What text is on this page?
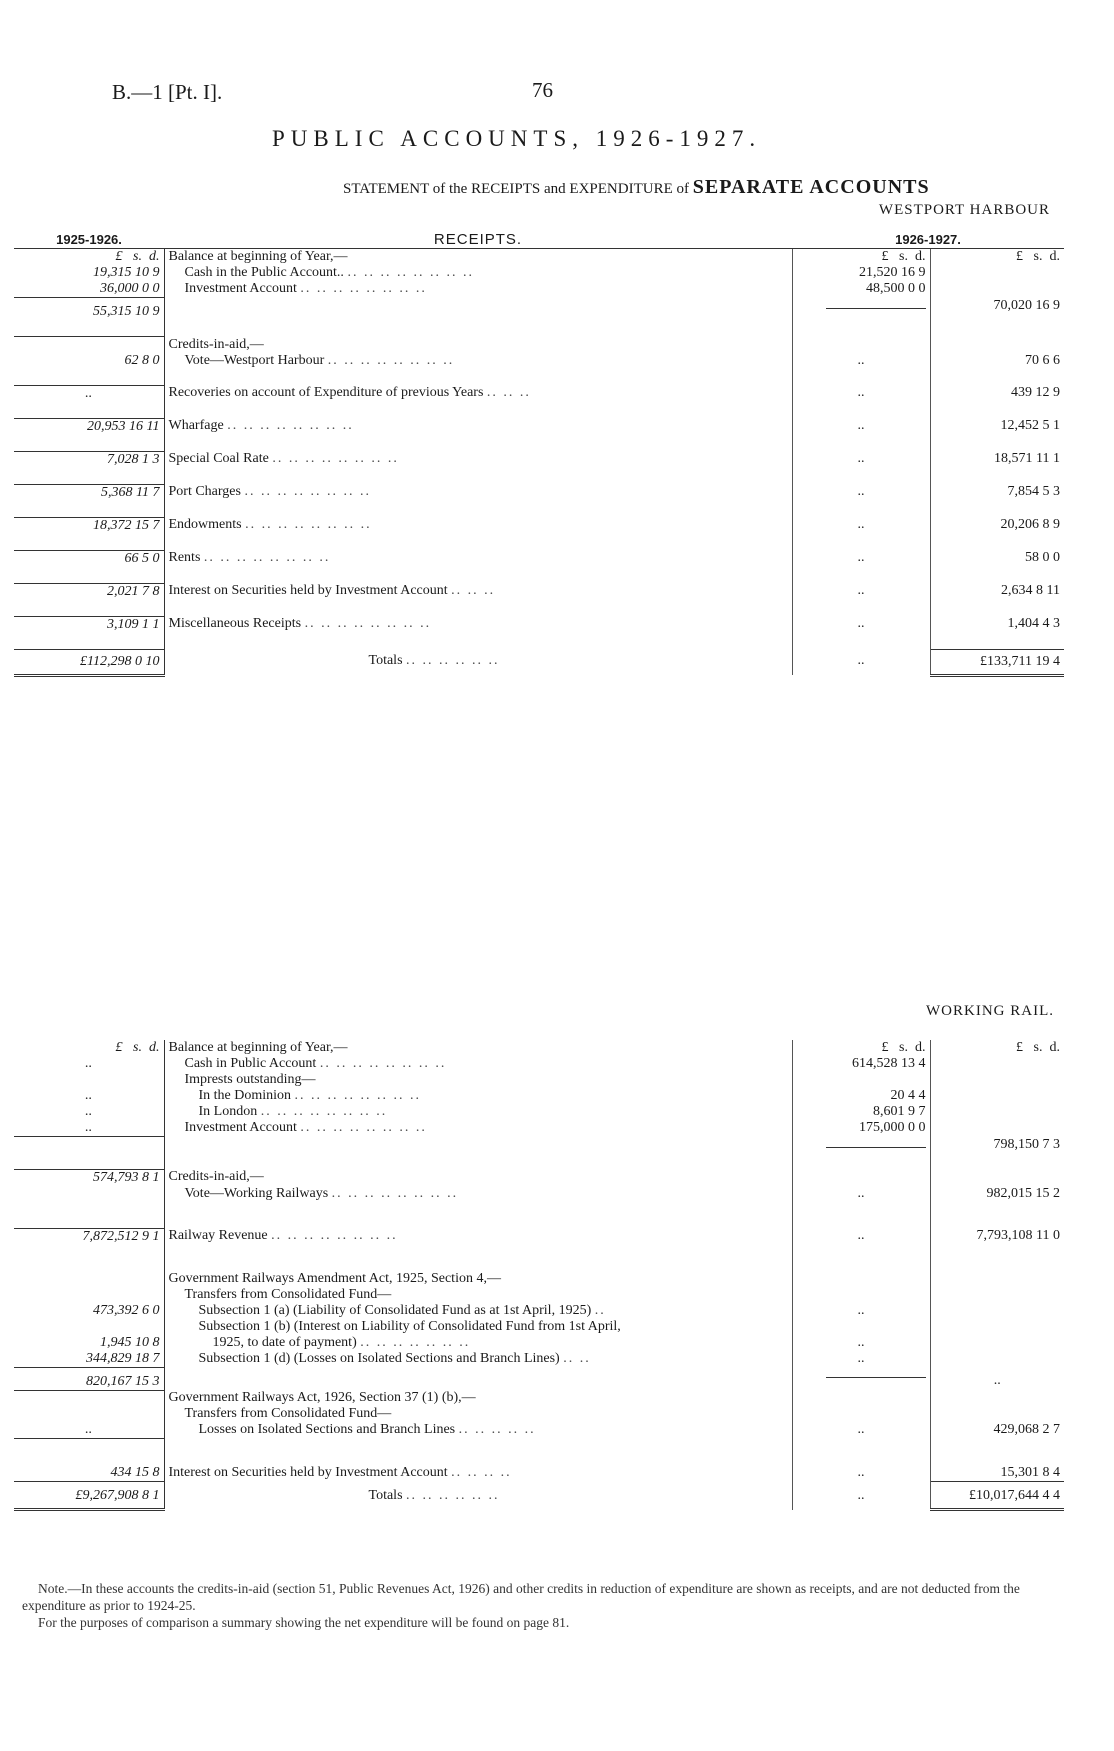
B.—1 [Pt. I].	76
PUBLIC ACCOUNTS, 1926-1927.
STATEMENT of the RECEIPTS and EXPENDITURE of SEPARATE ACCOUNTS
WESTPORT HARBOUR
1925-1926.	RECEIPTS.	1926-1927.	
£ s. d.	Balance at beginning of Year,—	£ s. d.	£ s. d.
19,315 10 9	Cash in the Public Account.. .. .. .. .. .. .. .. ..	21,520 16 9	
36,000 0 0	Investment Account .. .. .. .. .. .. .. ..	48,500 0 0	
55,315 10 9			70,020 16 9

	Credits-in-aid,—		
62 8 0	Vote—Westport Harbour .. .. .. .. .. .. .. ..	..	70 6 6

..	Recoveries on account of Expenditure of previous Years .. .. ..	..	439 12 9

20,953 16 11	Wharfage .. .. .. .. .. .. .. ..	..	12,452 5 1

7,028 1 3	Special Coal Rate .. .. .. .. .. .. .. ..	..	18,571 11 1

5,368 11 7	Port Charges .. .. .. .. .. .. .. ..	..	7,854 5 3

18,372 15 7	Endowments .. .. .. .. .. .. .. ..	..	20,206 8 9

66 5 0	Rents .. .. .. .. .. .. .. ..	..	58 0 0

2,021 7 8	Interest on Securities held by Investment Account .. .. ..	..	2,634 8 11

3,109 1 1	Miscellaneous Receipts .. .. .. .. .. .. .. ..	..	1,404 4 3

£112,298 0 10	Totals .. .. .. .. .. ..	..	£133,711 19 4
WORKING RAIL.
£ s. d.	Balance at beginning of Year,—	£ s. d.	£ s. d.
..	Cash in Public Account .. .. .. .. .. .. .. ..	614,528 13 4	
	Imprests outstanding—		
..	In the Dominion .. .. .. .. .. .. .. ..	20 4 4	
..	In London .. .. .. .. .. .. .. ..	8,601 9 7	
..	Investment Account .. .. .. .. .. .. .. ..	175,000 0 0	
			798,150 7 3

574,793 8 1	Credits-in-aid,—		
	Vote—Working Railways .. .. .. .. .. .. .. ..	..	982,015 15 2

7,872,512 9 1	Railway Revenue .. .. .. .. .. .. .. ..	..	7,793,108 11 0

	Government Railways Amendment Act, 1925, Section 4,—		
	Transfers from Consolidated Fund—		
473,392 6 0	Subsection 1 (a) (Liability of Consolidated Fund as at 1st April, 1925) ..	..	
	Subsection 1 (b) (Interest on Liability of Consolidated Fund from 1st April,		
1,945 10 8	1925, to date of payment) .. .. .. .. .. .. ..	..	
344,829 18 7	Subsection 1 (d) (Losses on Isolated Sections and Branch Lines) .. ..	..	
820,167 15 3			..
	Government Railways Act, 1926, Section 37 (1) (b),—		
	Transfers from Consolidated Fund—		
..	Losses on Isolated Sections and Branch Lines .. .. .. .. ..	..	429,068 2 7

434 15 8	Interest on Securities held by Investment Account .. .. .. ..	..	15,301 8 4
£9,267,908 8 1	Totals .. .. .. .. .. ..	..	£10,017,644 4 4

Note.—In these accounts the credits-in-aid (section 51, Public Revenues Act, 1926) and other credits in reduction of expenditure are shown as receipts, and are not deducted from the expenditure as prior to 1924-25.

For the purposes of comparison a summary showing the net expenditure will be found on page 81.
